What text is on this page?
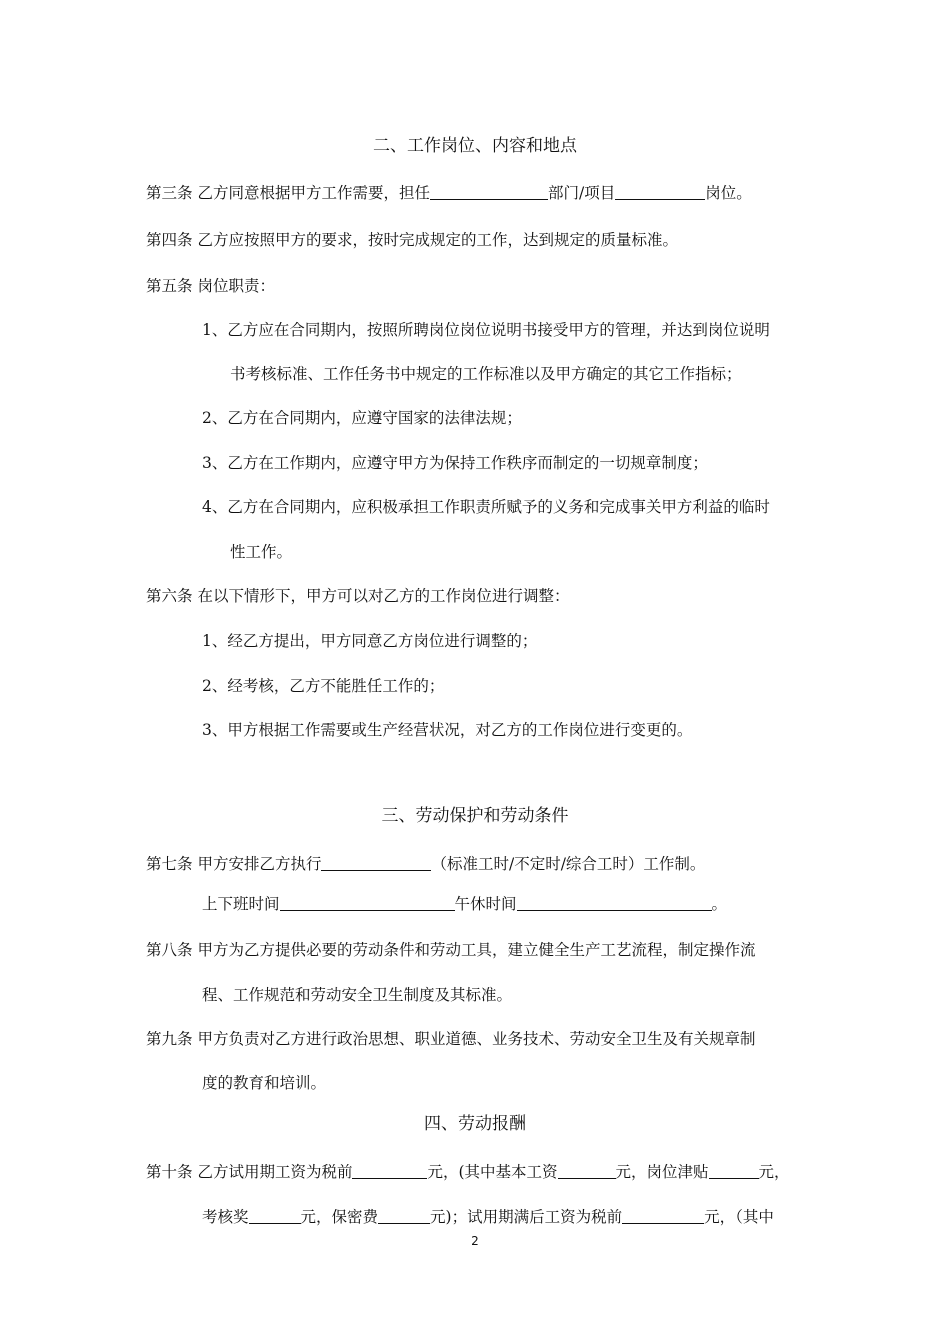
二、工作岗位、内容和地点
第三条 乙方同意根据甲方工作需要，担任	部门/项目	岗位。
第四条 乙方应按照甲方的要求，按时完成规定的工作，达到规定的质量标准。
第五条 岗位职责：
1、乙方应在合同期内，按照所聘岗位岗位说明书接受甲方的管理，并达到岗位说明
书考核标准、工作任务书中规定的工作标准以及甲方确定的其它工作指标；
2、乙方在合同期内，应遵守国家的法律法规；
3、乙方在工作期内，应遵守甲方为保持工作秩序而制定的一切规章制度；
4、乙方在合同期内，应积极承担工作职责所赋予的义务和完成事关甲方利益的临时
性工作。
第六条 在以下情形下，甲方可以对乙方的工作岗位进行调整：
1、经乙方提出，甲方同意乙方岗位进行调整的；
2、经考核，乙方不能胜任工作的；
3、甲方根据工作需要或生产经营状况，对乙方的工作岗位进行变更的。
三、劳动保护和劳动条件
第七条 甲方安排乙方执行	（标准工时/不定时/综合工时）工作制。
上下班时间	午休时间	。
第八条 甲方为乙方提供必要的劳动条件和劳动工具，建立健全生产工艺流程，制定操作流
程、工作规范和劳动安全卫生制度及其标准。
第九条 甲方负责对乙方进行政治思想、职业道德、业务技术、劳动安全卫生及有关规章制
度的教育和培训。
四、劳动报酬
第十条 乙方试用期工资为税前	元，(其中基本工资	元，岗位津贴	元，
考核奖	元，保密费	元)；试用期满后工资为税前	元，（其中
2
